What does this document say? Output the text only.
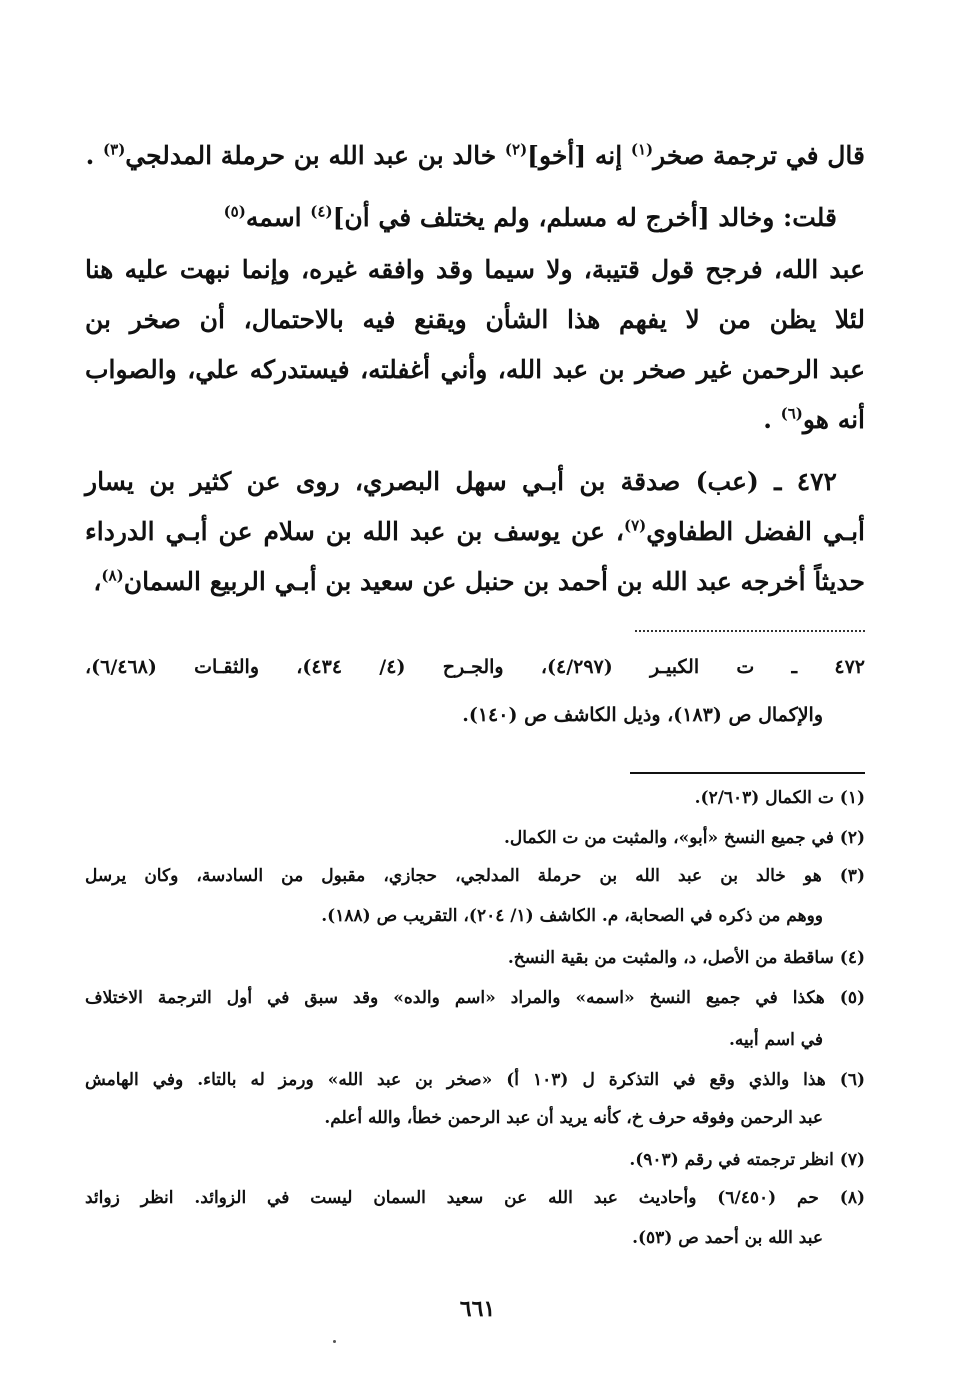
قال في ترجمة صخر$^{(١)}$ إنه [أخو]$^{(٢)}$ خالد بن عبد الله بن حرملة المدلجي$^{(٣)}$ .
قلت: وخالد [أخرج له مسلم، ولم يختلف في أن]$^{(٤)}$ اسمه$^{(٥)}$
عبد الله، فرجح قول قتيبة، ولا سيما وقد وافقه غيره، وإنما نبهت عليه هنا
لئلا يظن من لا يفهم هذا الشأن ويقنع فيه بالاحتمال، أن صخر بن
عبد الرحمن غير صخر بن عبد الله، وأني أغفلته، فيستدركه علي، والصواب
أنه هو$^{(٦)}$ .
٤٧٢ ـ (عب) صدقة بن أبـي سهل البصري، روى عن كثير بن يسار
أبـي الفضل الطفاوي$^{(٧)}$، عن يوسف بن عبد الله بن سلام عن أبـي الدرداء
حديثاً أخرجه عبد الله بن أحمد بن حنبل عن سعيد بن أبـي الربيع السمان$^{(٨)}$،
٤٧٢ ـ ت الكبيـر (٤/٢٩٧)، والجـرح (٤/ ٤٣٤)، والثقـات (٦/٤٦٨)،
والإكمال ص (١٨٣)، وذيل الكاشف ص (١٤٠).
(١) ت الكمال (٢/٦٠٣).
(٢) في جميع النسخ «أبو»، والمثبت من ت الكمال.
(٣) هو خالد بن عبد الله بن حرملة المدلجي، حجازي، مقبول من السادسة، وكان يرسل
ووهم من ذكره في الصحابة، م. الكاشف (١/ ٢٠٤)، التقريب ص (١٨٨).
(٤) ساقطة من الأصل، د، والمثبت من بقية النسخ.
(٥) هكذا في جميع النسخ «اسمه» والمراد «اسم والده» وقد سبق في أول الترجمة الاختلاف
في اسم أبيه.
(٦) هذا والذي وقع في التذكرة ل (١٠٣ أ) «صخر بن عبد الله» ورمز له بالتاء. وفي الهامش
عبد الرحمن وفوقه حرف خ، كأنه يريد أن عبد الرحمن خطأ، والله أعلم.
(٧) انظر ترجمته في رقم (٩٠٣).
(٨) حم (٦/٤٥٠) وأحاديث عبد الله عن سعيد السمان ليست في الزوائد. انظر زوائد
عبد الله بن أحمد ص (٥٣).
٦٦١
